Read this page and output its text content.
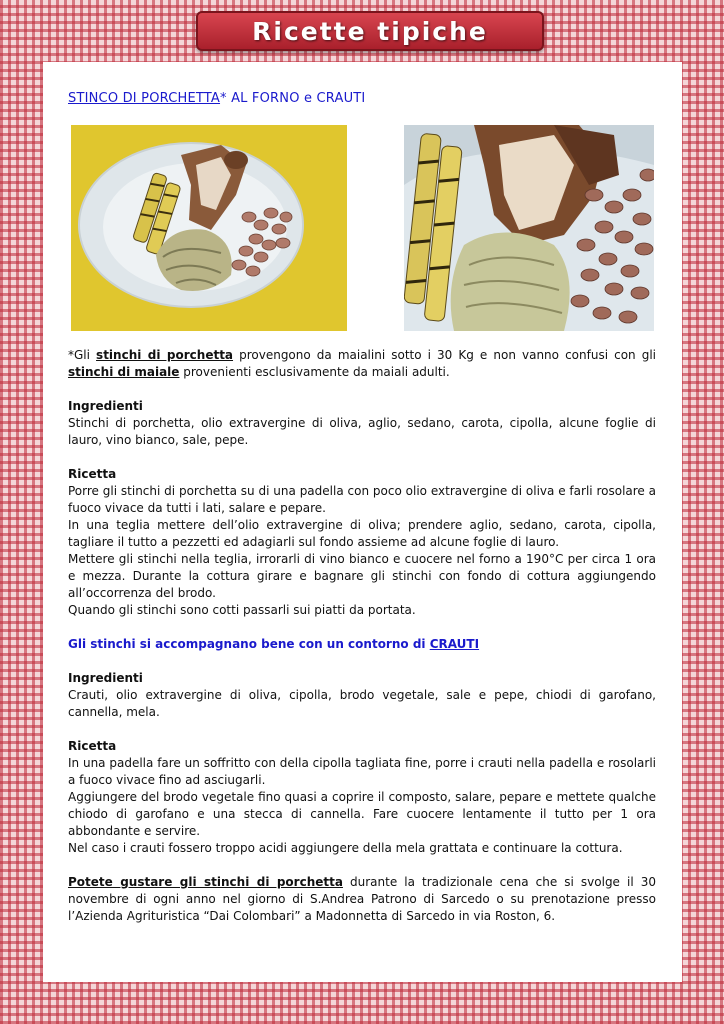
Ricette tipiche
STINCO DI PORCHETTA* AL FORNO e CRAUTI

*Gli stinchi di porchetta provengono da maialini sotto i 30 Kg e non vanno confusi con gli stinchi di maiale provenienti esclusivamente da maiali adulti.

Ingredienti

Stinchi di porchetta, olio extravergine di oliva, aglio, sedano, carota, cipolla, alcune foglie di lauro, vino bianco, sale, pepe.

Ricetta

Porre gli stinchi di porchetta su di una padella con poco olio extravergine di oliva e farli rosolare a fuoco vivace da tutti i lati, salare e pepare.

In una teglia mettere dell’olio extravergine di oliva; prendere aglio, sedano, carota, cipolla, tagliare il tutto a pezzetti ed adagiarli sul fondo assieme ad alcune foglie di lauro.

Mettere gli stinchi nella teglia, irrorarli di vino bianco e cuocere nel forno a 190°C per circa 1 ora e mezza. Durante la cottura girare e bagnare gli stinchi con fondo di cottura aggiungendo all’occorrenza del brodo.

Quando gli stinchi sono cotti passarli sui piatti da portata.

Gli stinchi si accompagnano bene con un contorno di CRAUTI

Ingredienti

Crauti, olio extravergine di oliva, cipolla, brodo vegetale, sale e pepe, chiodi di garofano, cannella, mela.

Ricetta

In una padella fare un soffritto con della cipolla tagliata fine, porre i crauti nella padella e rosolarli a fuoco vivace fino ad asciugarli.

Aggiungere del brodo vegetale fino quasi a coprire il composto, salare, pepare e mettete qualche chiodo di garofano e una stecca di cannella. Fare cuocere lentamente il tutto per 1 ora abbondante e servire.

Nel caso i crauti fossero troppo acidi aggiungere della mela grattata e continuare la cottura.

Potete gustare gli stinchi di porchetta durante la tradizionale cena che si svolge il 30 novembre di ogni anno nel giorno di S.Andrea Patrono di Sarcedo o su prenotazione presso l’Azienda Agrituristica “Dai Colombari” a Madonnetta di Sarcedo in via Roston, 6.
